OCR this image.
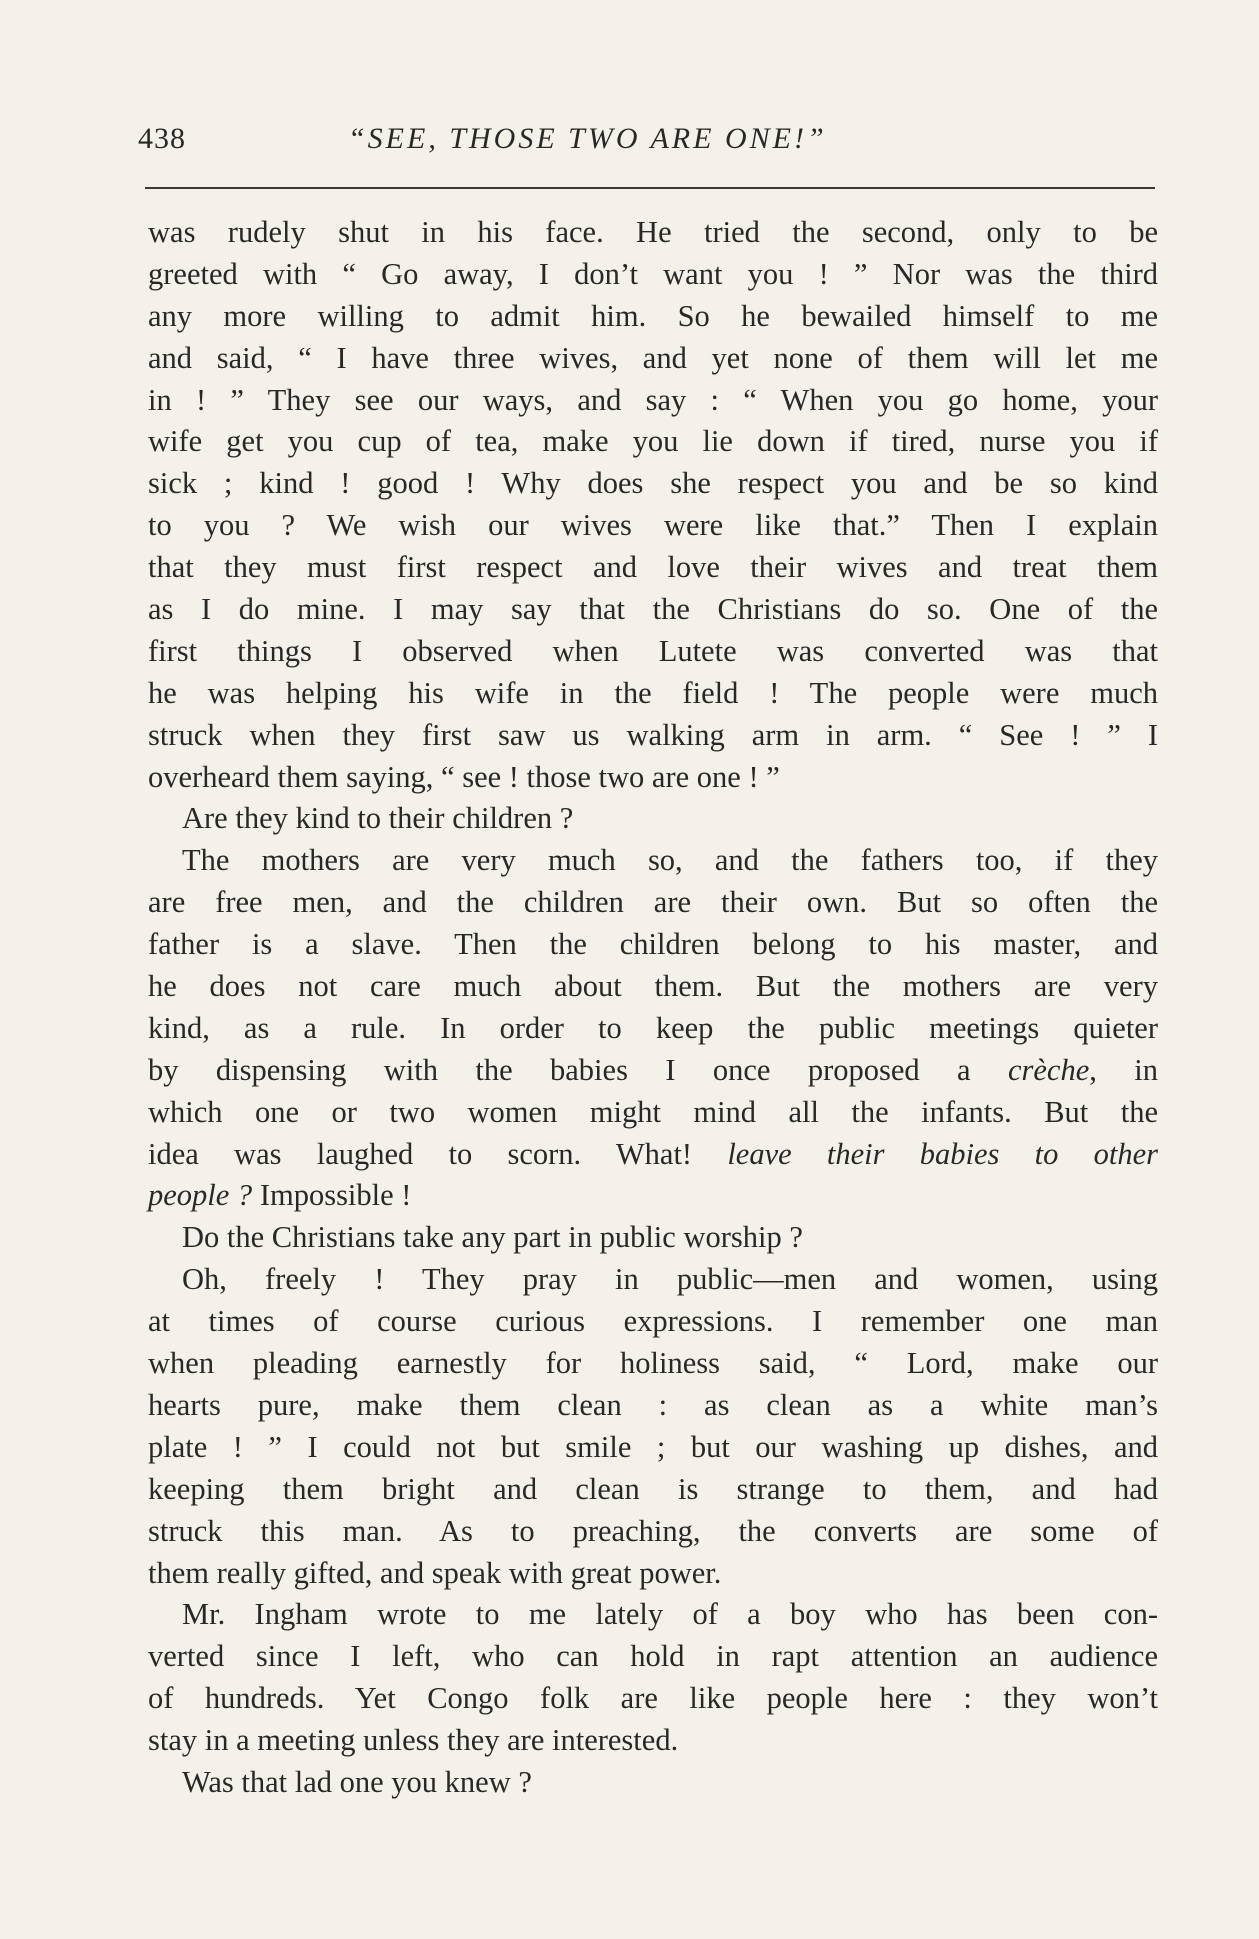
438	“SEE, THOSE TWO ARE ONE!”
was rudely shut in his face. He tried the second, only to be
greeted with “ Go away, I don’t want you ! ” Nor was the third
any more willing to admit him. So he bewailed himself to me
and said, “ I have three wives, and yet none of them will let me
in ! ” They see our ways, and say : “ When you go home, your
wife get you cup of tea, make you lie down if tired, nurse you if
sick ; kind ! good ! Why does she respect you and be so kind
to you ? We wish our wives were like that.” Then I explain
that they must first respect and love their wives and treat them
as I do mine. I may say that the Christians do so. One of the
first things I observed when Lutete was converted was that
he was helping his wife in the field ! The people were much
struck when they first saw us walking arm in arm. “ See ! ” I
overheard them saying, “ see ! those two are one ! ”
Are they kind to their children ?
The mothers are very much so, and the fathers too, if they
are free men, and the children are their own. But so often the
father is a slave. Then the children belong to his master, and
he does not care much about them. But the mothers are very
kind, as a rule. In order to keep the public meetings quieter
by dispensing with the babies I once proposed a crèche, in
which one or two women might mind all the infants. But the
idea was laughed to scorn. What! leave their babies to other
people ? Impossible !
Do the Christians take any part in public worship ?
Oh, freely ! They pray in public—men and women, using
at times of course curious expressions. I remember one man
when pleading earnestly for holiness said, “ Lord, make our
hearts pure, make them clean : as clean as a white man’s
plate ! ” I could not but smile ; but our washing up dishes, and
keeping them bright and clean is strange to them, and had
struck this man. As to preaching, the converts are some of
them really gifted, and speak with great power.
Mr. Ingham wrote to me lately of a boy who has been con-
verted since I left, who can hold in rapt attention an audience
of hundreds. Yet Congo folk are like people here : they won’t
stay in a meeting unless they are interested.
Was that lad one you knew ?
